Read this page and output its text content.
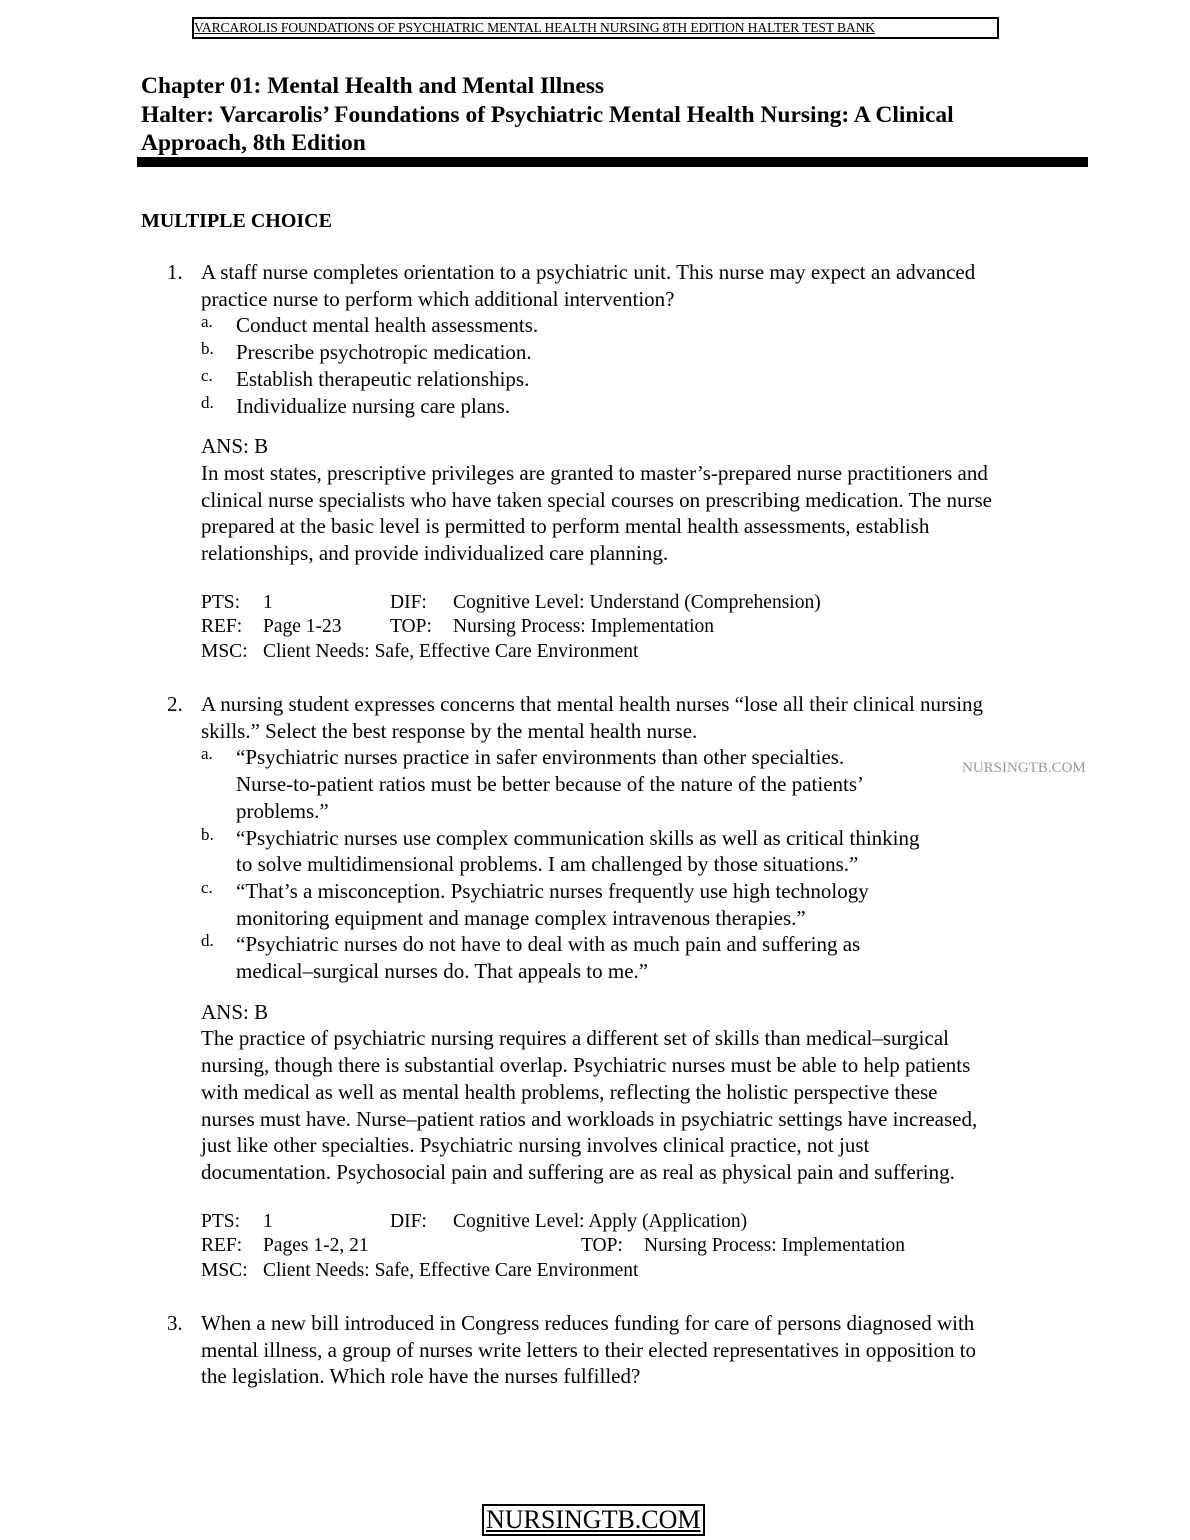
VARCAROLIS FOUNDATIONS OF PSYCHIATRIC MENTAL HEALTH NURSING 8TH EDITION HALTER TEST BANK
Chapter 01: Mental Health and Mental Illness
Halter: Varcarolis’ Foundations of Psychiatric Mental Health Nursing: A Clinical
Approach, 8th Edition
MULTIPLE CHOICE
1. A staff nurse completes orientation to a psychiatric unit. This nurse may expect an advanced
practice nurse to perform which additional intervention?
a. Conduct mental health assessments.
b. Prescribe psychotropic medication.
c. Establish therapeutic relationships.
d. Individualize nursing care plans.
ANS: B
In most states, prescriptive privileges are granted to master’s-prepared nurse practitioners and
clinical nurse specialists who have taken special courses on prescribing medication. The nurse
prepared at the basic level is permitted to perform mental health assessments, establish
relationships, and provide individualized care planning.
PTS: 1	DIF: Cognitive Level: Understand (Comprehension)
REF: Page 1-23 TOP: Nursing Process: Implementation
MSC: Client Needs: Safe, Effective Care Environment
2. A nursing student expresses concerns that mental health nurses “lose all their clinical nursing
skills.” Select the best response by the mental health nurse.
a. “Psychiatric nurses practice in safer environments than other specialties.
Nurse-to-patient ratios must be better because of the nature of the patients’
problems.”
b. “Psychiatric nurses use complex communication skills as well as critical thinking
to solve multidimensional problems. I am challenged by those situations.”
c. “That’s a misconception. Psychiatric nurses frequently use high technology
monitoring equipment and manage complex intravenous therapies.”
d. “Psychiatric nurses do not have to deal with as much pain and suffering as
medical–surgical nurses do. That appeals to me.”
ANS: B
The practice of psychiatric nursing requires a different set of skills than medical–surgical
nursing, though there is substantial overlap. Psychiatric nurses must be able to help patients
with medical as well as mental health problems, reflecting the holistic perspective these
nurses must have. Nurse–patient ratios and workloads in psychiatric settings have increased,
just like other specialties. Psychiatric nursing involves clinical practice, not just
documentation. Psychosocial pain and suffering are as real as physical pain and suffering.
PTS: 1	DIF: Cognitive Level: Apply (Application)
REF: Pages 1-2, 21	TOP: Nursing Process: Implementation
MSC: Client Needs: Safe, Effective Care Environment
3. When a new bill introduced in Congress reduces funding for care of persons diagnosed with
mental illness, a group of nurses write letters to their elected representatives in opposition to
the legislation. Which role have the nurses fulfilled?
NURSINGTB.COM
NURSINGTB.COM
